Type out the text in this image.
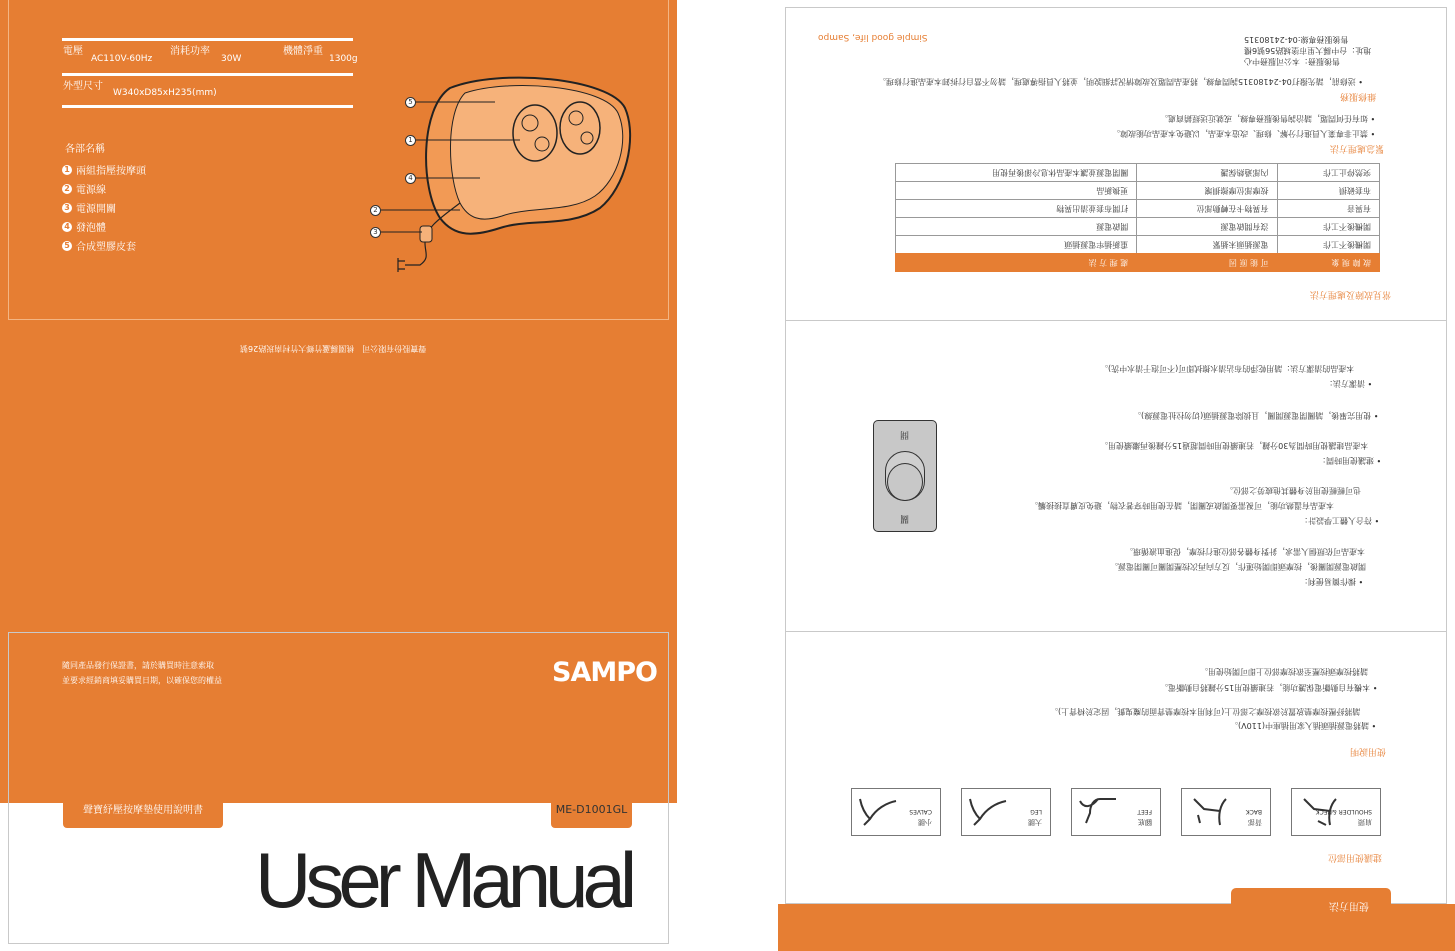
電壓	消耗功率	機體淨重
AC110V-60Hz	30W	1300g
外型尺寸
W340xD85xH235(mm)
各部名稱
1 兩組指壓按摩頭
2 電源線
3 電源開關
4 發泡體
5 合成塑膠皮套
5
1
4
2
3
聲寶股份有限公司　桃園縣蘆竹鄉大竹村南崁路26號
隨同產品發行保證書，請於購買時注意索取
並要求經銷商填妥購買日期，以確保您的權益	SAMPO
聲寶紓壓按摩墊使用說明書	ME-D1001GL
User Manual
Simple good life, Sampo
售後服務：本公司服務中心
地址：台中縣大里市塗城路56號6樓
售後服務專線:04-24180315
• 送修前，請先撥打04-24180315詢問專線，將產品問題及故障情況詳細說明，並將人員指導處理，請勿不當自行拆卸本產品進行修理。
維修服務
• 如有任何問題，請洽詢售後服務專線，或就近送經銷商處。
• 禁止非專業人員進行分解、修理、改造本產品，以避免本產品功能故障。
緊急處理方法
故 障 現 象	可 能 原 因	處 理 方 法
開機後不工作	電源插頭未插緊	重新插牢電源插頭
開機後不工作	沒有開啟電源	開啟電源
有異音	有異物卡在轉動部位	打開布套並清出異物
布套破損	按摩部位摩擦損壞	更換新品
突然停止工作	內部過熱保護	關閉電源並讓本產品休息冷卻後再使用
常見故障及處理方法
開
關
本產品的清潔方法：請用乾淨的布沾清水擦拭即可(不可泡于清水中洗)。
• 清潔方法：
• 使用完畢後，請關閉電源開關，且拔除電源插頭(切勿拉扯電源線)。
本產品建議使用時間為30分鐘，若連續使用時間超過15分鐘後再繼續使用。
• 建議使用時間：
也可輕輕使用於身體其他疲勞之部位。
本產品有溫熱功能，可視需要開啟或關閉，請在使用時穿著衣物，避免皮膚直接接觸。
• 符合人體工學設計：
本產品可依照個人需求，針對身體各部位進行按摩，促進血液循環。
開啟電源開關後，按摩頭即開始運作，反方向再次按壓開關可關閉電源。
• 操作簡易便利：
請將按摩頭按壓至欲按摩部位上即可開始使用。
• 本機有自動斷電保護功能，若連續使用15分鐘將自動斷電。
請將紓壓按摩墊放置於欲按摩之部位上(可利用本按摩墊背面的魔鬼氈，固定於椅背上)。
• 請將電源插頭插入家用插座中(110V)。
使用說明
小腿
CALVES
大腿
LEG
腳底
FEET
背部
BACK
肩頸
SHOULDER &NECK
建議使用部位
使用方法
